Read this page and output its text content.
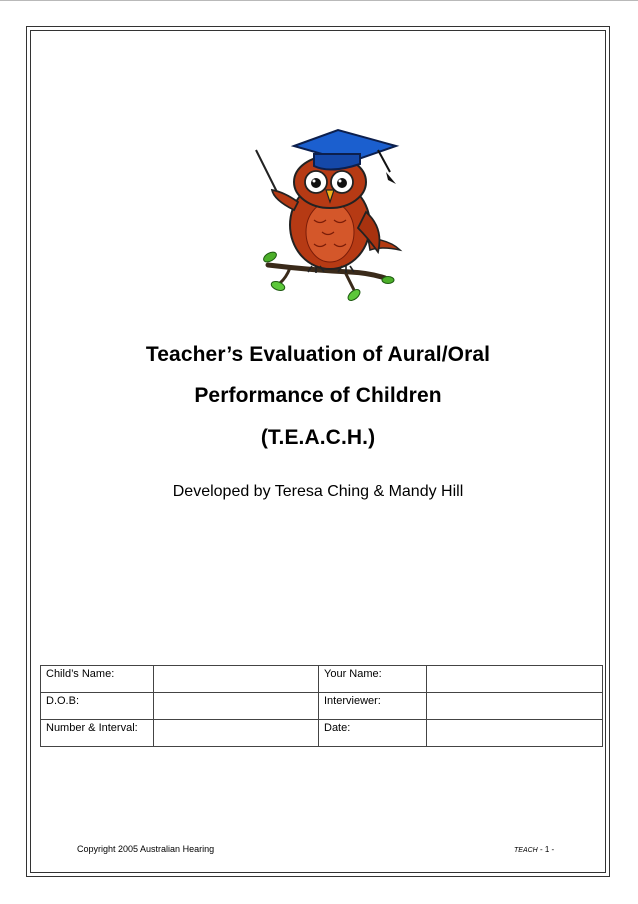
Teacher’s Evaluation of Aural/Oral
Performance of Children
(T.E.A.C.H.)
Developed by Teresa Ching & Mandy Hill
Child’s Name:		Your Name:	
D.O.B:		Interviewer:	
Number & Interval:		Date:	
Copyright 2005 Australian Hearing	TEACH - 1 -
